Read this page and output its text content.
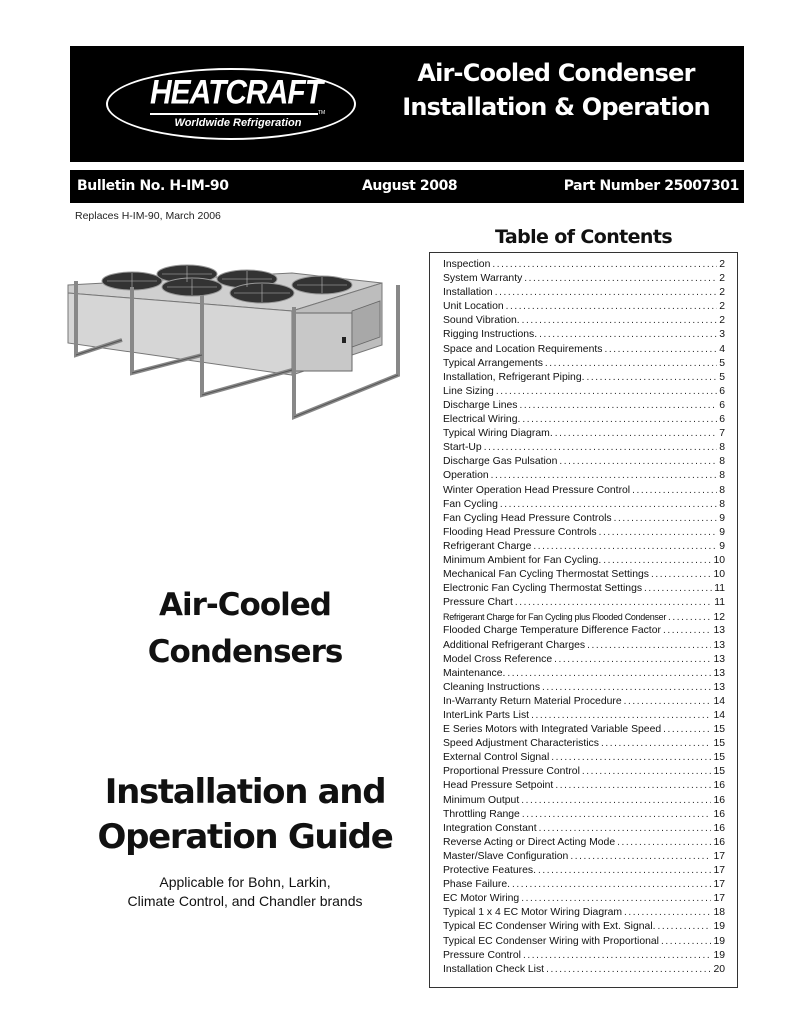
HEATCRAFT
TM
Worldwide Refrigeration
Air-Cooled Condenser
Installation & Operation
Bulletin No. H-IM-90	August 2008	Part Number 25007301
Replaces H-IM-90, March 2006
Air-Cooled
Condensers
Installation and
Operation Guide
Applicable for Bohn, Larkin,
Climate Control, and Chandler brands
Table of Contents
Inspection .....	2
System Warranty .....	2
Installation .....	2
Unit Location .....	2
Sound Vibration. .....	2
Rigging Instructions. .....	3
Space and Location Requirements .....	4
Typical Arrangements .....	5
Installation, Refrigerant Piping. .....	5
Line Sizing .....	6
Discharge Lines .....	6
Electrical Wiring. .....	6
Typical Wiring Diagram. .....	7
Start-Up .....	8
Discharge Gas Pulsation .....	8
Operation .....	8
Winter Operation Head Pressure Control .....	8
Fan Cycling .....	8
Fan Cycling Head Pressure Controls .....	9
Flooding Head Pressure Controls .....	9
Refrigerant Charge .....	9
Minimum Ambient for Fan Cycling. .....	10
Mechanical Fan Cycling Thermostat Settings .....	10
Electronic Fan Cycling Thermostat Settings .....	11
Pressure Chart .....	11
Refrigerant Charge for Fan Cycling plus Flooded Condenser .....	12
Flooded Charge Temperature Difference Factor .....	13
Additional Refrigerant Charges .....	13
Model Cross Reference .....	13
Maintenance. .....	13
Cleaning Instructions .....	13
In-Warranty Return Material Procedure .....	14
InterLink Parts List .....	14
E Series Motors with Integrated Variable Speed .....	15
Speed Adjustment Characteristics .....	15
External Control Signal .....	15
Proportional Pressure Control .....	15
Head Pressure Setpoint .....	16
Minimum Output .....	16
Throttling Range .....	16
Integration Constant .....	16
Reverse Acting or Direct Acting Mode .....	16
Master/Slave Configuration .....	17
Protective Features. .....	17
Phase Failure. .....	17
EC Motor Wiring .....	17
Typical 1 x 4 EC Motor Wiring Diagram .....	18
Typical EC Condenser Wiring with Ext. Signal. .....	19
Typical EC Condenser Wiring with Proportional .....	19
Pressure Control .....	19
Installation Check List .....	20
